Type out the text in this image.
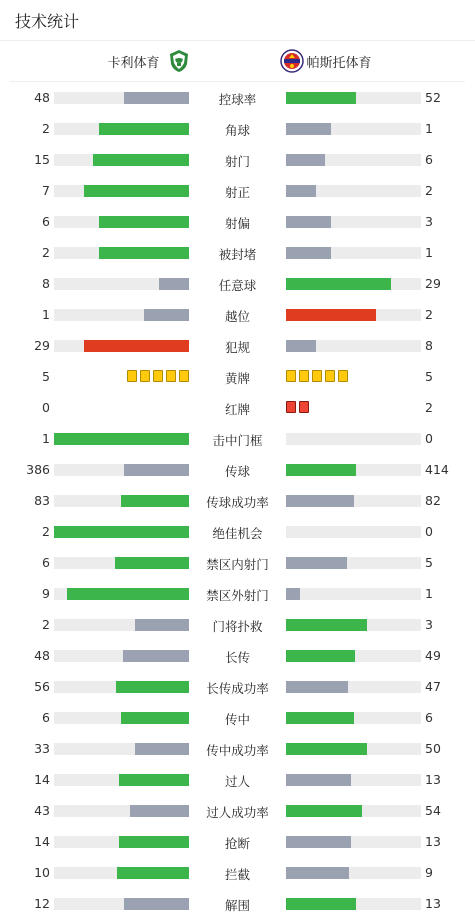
技术统计
卡利体育	帕斯托体育
48	控球率	52
2	角球	1
15	射门	6
7	射正	2
6	射偏	3
2	被封堵	1
8	任意球	29
1	越位	2
29	犯规	8
5	黄牌	5
0	红牌	2
1	击中门框	0
386	传球	414
83	传球成功率	82
2	绝佳机会	0
6	禁区内射门	5
9	禁区外射门	1
2	门将扑救	3
48	长传	49
56	长传成功率	47
6	传中	6
33	传中成功率	50
14	过人	13
43	过人成功率	54
14	抢断	13
10	拦截	9
12	解围	13
